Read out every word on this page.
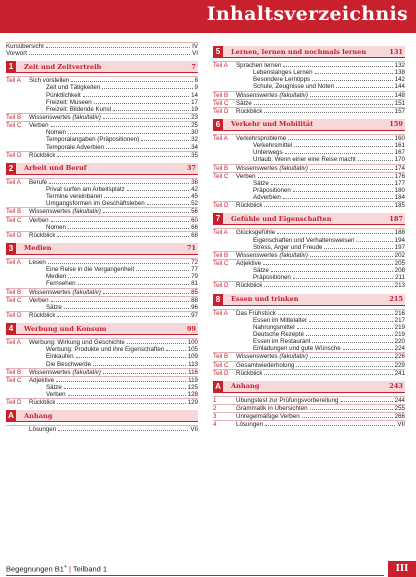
Inhaltsverzeichnis
Kursübersicht	IV
Vorwort	VI
1	Zeit und Zeitvertreib	7
Teil A	Sich vorstellen	8
Zeit und Tätigkeiten	9
Pünktlichkeit	14
Freizeit: Museen	17
Freizeit: Bildende Kunst	19
Teil B	Wissenswertes (fakultativ)	23
Teil C	Verben	25
Nomen	30
Temporalangaben (Präpositionen)	32
Temporale Adverbien	34
Teil D	Rückblick	35
2	Arbeit und Beruf	37
Teil A	Berufe	38
Privat surfen am Arbeitsplatz	42
Termine vereinbaren	45
Umgangsformen im Geschäftsleben	52
Teil B	Wissenswertes (fakultativ)	56
Teil C	Verben	60
Nomen	66
Teil D	Rückblick	68
3	Medien	71
Teil A	Lesen	72
Eine Reise in die Vergangenheit	77
Medien	79
Fernsehen	81
Teil B	Wissenswertes (fakultativ)	85
Teil C	Verben	88
Sätze	96
Teil D	Rückblick	97
4	Werbung und Konsum	99
Teil A	Werbung: Wirkung und Geschichte	100
Werbung: Produkte und ihre Eigenschaften	105
Einkaufen	109
Die Beschwerde	113
Teil B	Wissenswertes (fakultativ)	116
Teil C	Adjektive	119
Sätze	125
Verben	128
Teil D	Rückblick	129
A	Anhang
Lösungen	VII
5	Lernen, lernen und nochmals lernen	131
Teil A	Sprachen lernen	132
Lebenslanges Lernen	138
Besondere Lerntipps	142
Schule, Zeugnisse und Noten	144
Teil B	Wissenswertes (fakultativ)	148
Teil C	Sätze	151
Teil D	Rückblick	157
6	Verkehr und Mobilität	159
Teil A	Verkehrsprobleme	160
Verkehrsmittel	161
Unterwegs	167
Urlaub: Wenn einer eine Reise macht	170
Teil B	Wissenswertes (fakultativ)	174
Teil C	Verben	176
Sätze	177
Präpositionen	180
Adverbien	184
Teil D	Rückblick	185
7	Gefühle und Eigenschaften	187
Teil A	Glücksgefühle	188
Eigenschaften und Verhaltensweisen	194
Stress, Ärger und Freude	197
Teil B	Wissenswertes (fakultativ)	202
Teil C	Adjektive	205
Sätze	208
Präpositionen	211
Teil D	Rückblick	213
8	Essen und trinken	215
Teil A	Das Frühstück	216
Essen im Mittelalter	217
Nahrungsmittel	219
Deutsche Rezepte	219
Essen im Restaurant	220
Einladungen und gute Wünsche	224
Teil B	Wissenswertes (fakultativ)	226
Teil C	Gesamtwiederholung	229
Teil D	Rückblick	241
A	Anhang	243
1	Übungstest zur Prüfungsvorbereitung	244
2	Grammatik in Übersichten	255
3	Unregelmäßige Verben	266
4	Lösungen	VII
Begegnungen B1+ | Teilband 1	III
